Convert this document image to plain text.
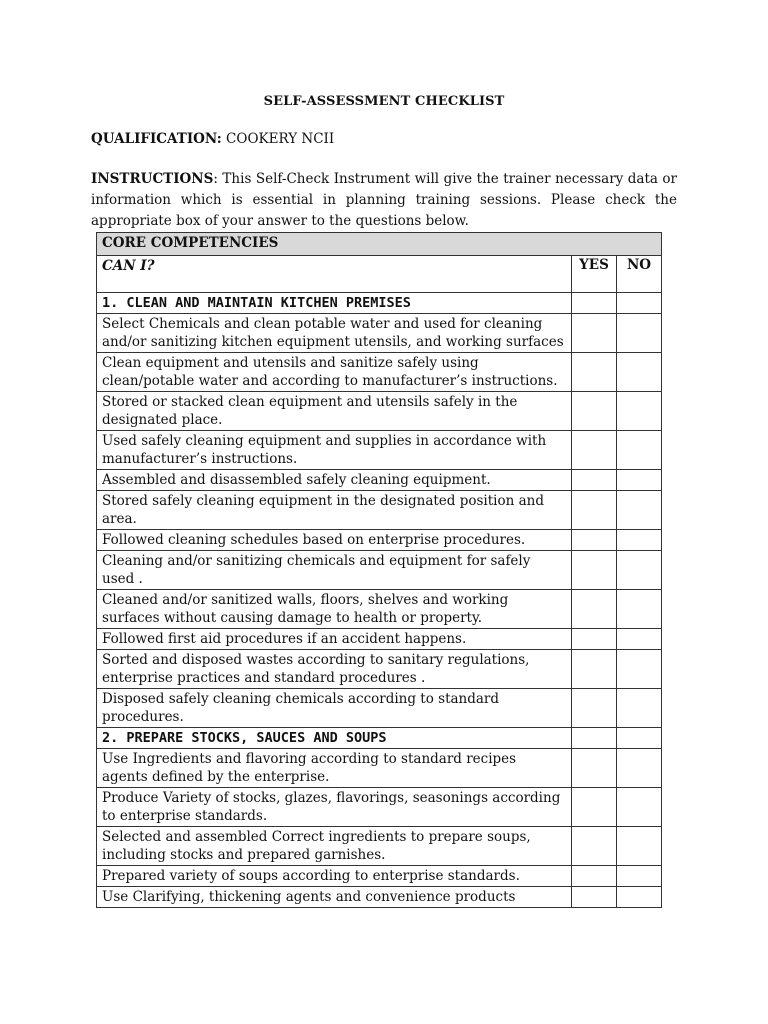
SELF-ASSESSMENT CHECKLIST
QUALIFICATION: COOKERY NCII
INSTRUCTIONS: This Self-Check Instrument will give the trainer necessary data or information which is essential in planning training sessions. Please check the appropriate box of your answer to the questions below.
CORE COMPETENCIES		
CAN I?	YES	NO
1. CLEAN AND MAINTAIN KITCHEN PREMISES		
Select Chemicals and clean potable water and used for cleaning and/or sanitizing kitchen equipment utensils, and working surfaces		
Clean equipment and utensils and sanitize safely using clean/potable water and according to manufacturer’s instructions.		
Stored or stacked clean equipment and utensils safely in the designated place.		
Used safely cleaning equipment and supplies in accordance with manufacturer’s instructions.		
Assembled and disassembled safely cleaning equipment.		
Stored safely cleaning equipment in the designated position and area.		
Followed cleaning schedules based on enterprise procedures.		
Cleaning and/or sanitizing chemicals and equipment for safely used .		
Cleaned and/or sanitized walls, floors, shelves and working surfaces without causing damage to health or property.		
Followed first aid procedures if an accident happens.		
Sorted and disposed wastes according to sanitary regulations, enterprise practices and standard procedures .		
Disposed safely cleaning chemicals according to standard procedures.		
2. PREPARE STOCKS, SAUCES AND SOUPS		
Use Ingredients and flavoring according to standard recipes agents defined by the enterprise.		
Produce Variety of stocks, glazes, flavorings, seasonings according to enterprise standards.		
Selected and assembled Correct ingredients to prepare soups, including stocks and prepared garnishes.		
Prepared variety of soups according to enterprise standards.		
Use Clarifying, thickening agents and convenience products		
